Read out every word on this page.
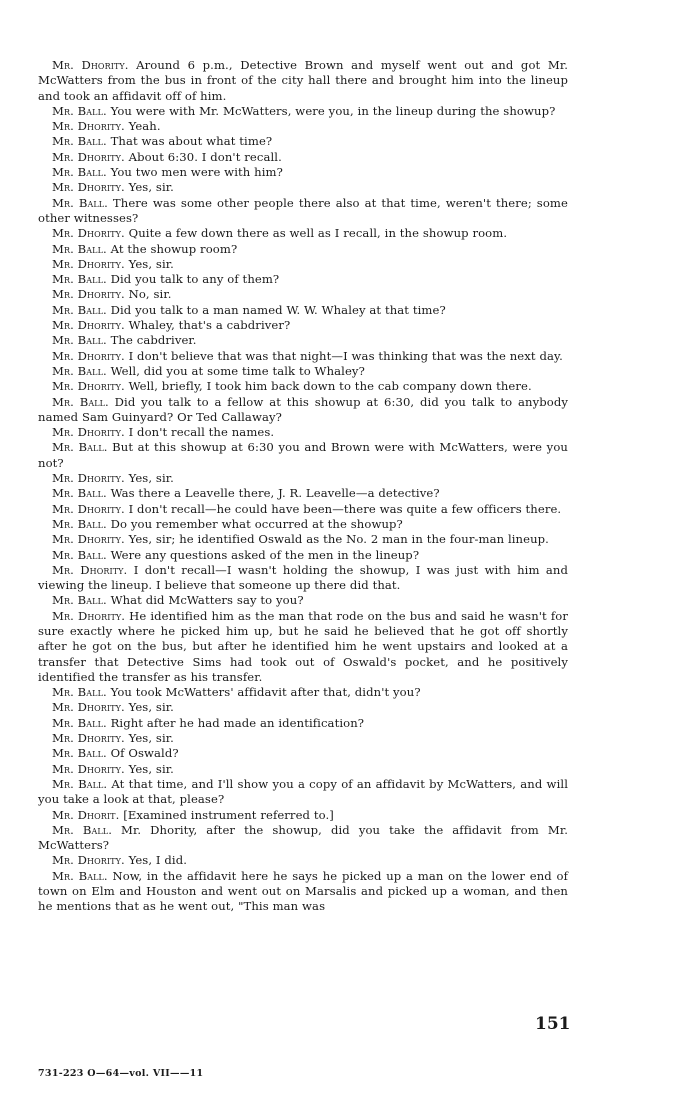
Mr. Dhority. Around 6 p.m., Detective Brown and myself went out and got Mr. McWatters from the bus in front of the city hall there and brought him into the lineup and took an affidavit off of him.

Mr. Ball. You were with Mr. McWatters, were you, in the lineup during the showup?

Mr. Dhority. Yeah.

Mr. Ball. That was about what time?

Mr. Dhority. About 6:30. I don't recall.

Mr. Ball. You two men were with him?

Mr. Dhority. Yes, sir.

Mr. Ball. There was some other people there also at that time, weren't there; some other witnesses?

Mr. Dhority. Quite a few down there as well as I recall, in the showup room.

Mr. Ball. At the showup room?

Mr. Dhority. Yes, sir.

Mr. Ball. Did you talk to any of them?

Mr. Dhority. No, sir.

Mr. Ball. Did you talk to a man named W. W. Whaley at that time?

Mr. Dhority. Whaley, that's a cabdriver?

Mr. Ball. The cabdriver.

Mr. Dhority. I don't believe that was that night—I was thinking that was the next day.

Mr. Ball. Well, did you at some time talk to Whaley?

Mr. Dhority. Well, briefly, I took him back down to the cab company down there.

Mr. Ball. Did you talk to a fellow at this showup at 6:30, did you talk to anybody named Sam Guinyard? Or Ted Callaway?

Mr. Dhority. I don't recall the names.

Mr. Ball. But at this showup at 6:30 you and Brown were with McWatters, were you not?

Mr. Dhority. Yes, sir.

Mr. Ball. Was there a Leavelle there, J. R. Leavelle—a detective?

Mr. Dhority. I don't recall—he could have been—there was quite a few officers there.

Mr. Ball. Do you remember what occurred at the showup?

Mr. Dhority. Yes, sir; he identified Oswald as the No. 2 man in the four-man lineup.

Mr. Ball. Were any questions asked of the men in the lineup?

Mr. Dhority. I don't recall—I wasn't holding the showup, I was just with him and viewing the lineup. I believe that someone up there did that.

Mr. Ball. What did McWatters say to you?

Mr. Dhority. He identified him as the man that rode on the bus and said he wasn't for sure exactly where he picked him up, but he said he believed that he got off shortly after he got on the bus, but after he identified him he went upstairs and looked at a transfer that Detective Sims had took out of Oswald's pocket, and he positively identified the transfer as his transfer.

Mr. Ball. You took McWatters' affidavit after that, didn't you?

Mr. Dhority. Yes, sir.

Mr. Ball. Right after he had made an identification?

Mr. Dhority. Yes, sir.

Mr. Ball. Of Oswald?

Mr. Dhority. Yes, sir.

Mr. Ball. At that time, and I'll show you a copy of an affidavit by McWatters, and will you take a look at that, please?

Mr. Dhorit. [Examined instrument referred to.]

Mr. Ball. Mr. Dhority, after the showup, did you take the affidavit from Mr. McWatters?

Mr. Dhority. Yes, I did.

Mr. Ball. Now, in the affidavit here he says he picked up a man on the lower end of town on Elm and Houston and went out on Marsalis and picked up a woman, and then he mentions that as he went out, "This man was

151
731-223 O—64—vol. VII——11
